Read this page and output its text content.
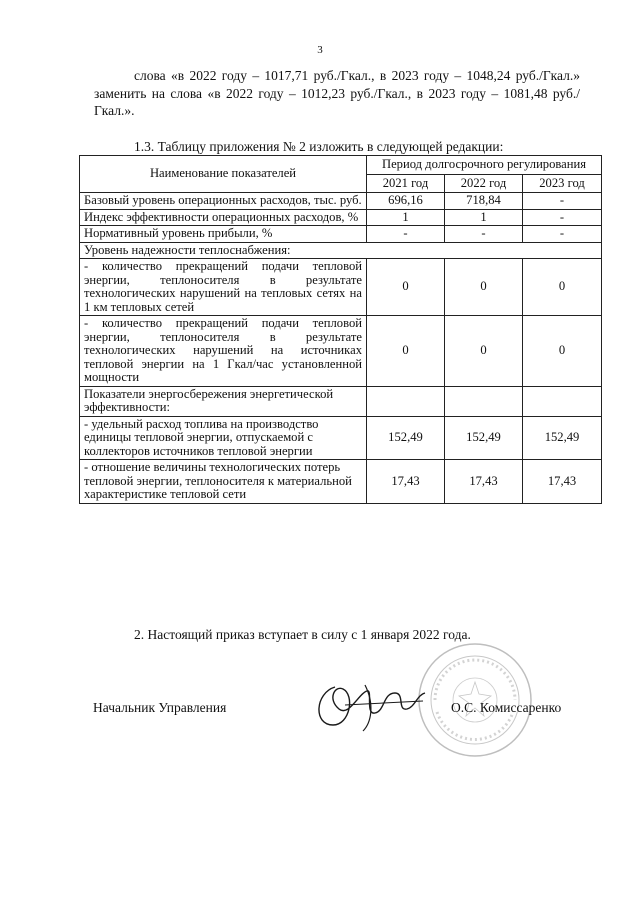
3
слова «в 2022 году – 1017,71 руб./Гкал., в 2023 году – 1048,24 руб./Гкал.» заменить на слова «в 2022 году – 1012,23 руб./Гкал., в 2023 году – 1081,48 руб./Гкал.».
1.3. Таблицу приложения № 2 изложить в следующей редакции:
Наименование показателей	Период долгосрочного регулирования		
	2021 год	2022 год	2023 год
Базовый уровень операционных расходов, тыс. руб.	696,16	718,84	-
Индекс эффективности операционных расходов, %	1	1	-
Нормативный уровень прибыли, %	-	-	-
Уровень надежности теплоснабжения:			
- количество прекращений подачи тепловой энергии, теплоносителя в результате технологических нарушений на тепловых сетях на 1 км тепловых сетей	0	0	0
- количество прекращений подачи тепловой энергии, теплоносителя в результате технологических нарушений на источниках тепловой энергии на 1 Гкал/час установленной мощности	0	0	0
Показатели энергосбережения энергетической эффективности:			
- удельный расход топлива на производство единицы тепловой энергии, отпускаемой с коллекторов источников тепловой энергии	152,49	152,49	152,49
- отношение величины технологических потерь тепловой энергии, теплоносителя к материальной характеристике тепловой сети	17,43	17,43	17,43
2. Настоящий приказ вступает в силу с 1 января 2022 года.
Начальник Управления	О.С. Комиссаренко
